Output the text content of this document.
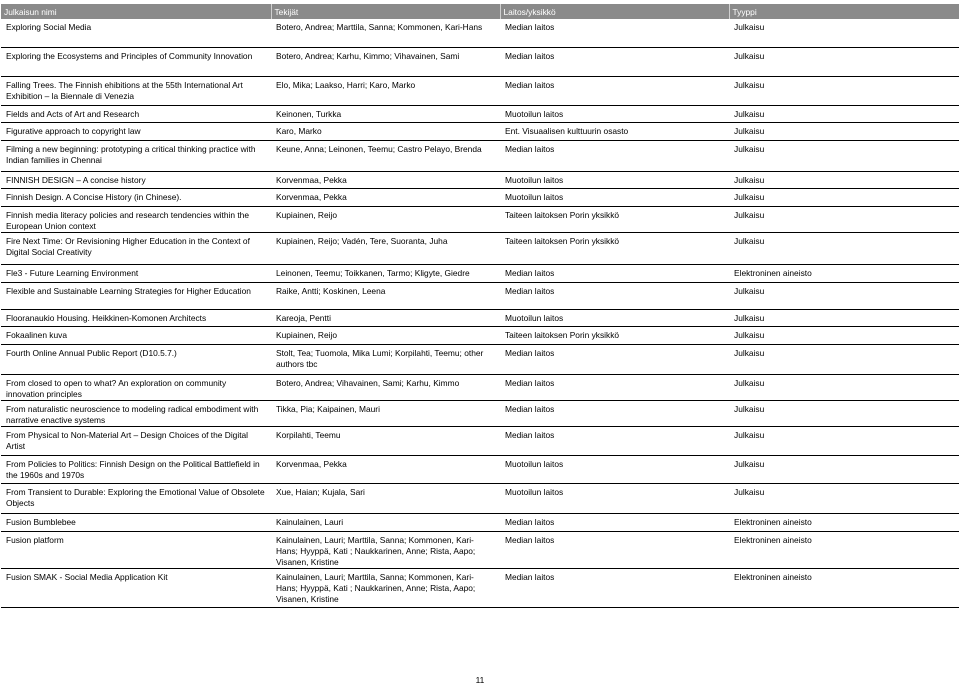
Julkaisun nimi	Tekijät	Laitos/yksikkö	Tyyppi
Exploring Social Media	Botero, Andrea; Marttila, Sanna; Kommonen, Kari-Hans	Median laitos	Julkaisu
Exploring the Ecosystems and Principles of Community Innovation	Botero, Andrea; Karhu, Kimmo; Vihavainen, Sami	Median laitos	Julkaisu
Falling Trees. The Finnish ehibitions at the 55th International Art Exhibition – la Biennale di Venezia	Elo, Mika; Laakso, Harri; Karo, Marko	Median laitos	Julkaisu
Fields and Acts of Art and Research	Keinonen, Turkka	Muotoilun laitos	Julkaisu
Figurative approach to copyright law	Karo, Marko	Ent. Visuaalisen kulttuurin osasto	Julkaisu
Filming a new beginning: prototyping a critical thinking practice with Indian families in Chennai	Keune, Anna; Leinonen, Teemu; Castro Pelayo, Brenda	Median laitos	Julkaisu
FINNISH DESIGN – A concise history	Korvenmaa, Pekka	Muotoilun laitos	Julkaisu
Finnish Design. A Concise History (in Chinese).	Korvenmaa, Pekka	Muotoilun laitos	Julkaisu
Finnish media literacy policies and research tendencies within the European Union context	Kupiainen, Reijo	Taiteen laitoksen Porin yksikkö	Julkaisu
Fire Next Time: Or Revisioning Higher Education in the Context of Digital Social Creativity	Kupiainen, Reijo; Vadén, Tere, Suoranta, Juha	Taiteen laitoksen Porin yksikkö	Julkaisu
Fle3 - Future Learning Environment	Leinonen, Teemu; Toikkanen, Tarmo; Kligyte, Giedre	Median laitos	Elektroninen aineisto
Flexible and Sustainable Learning Strategies for Higher Education	Raike, Antti; Koskinen, Leena	Median laitos	Julkaisu
Flooranaukio Housing. Heikkinen-Komonen Architects	Kareoja, Pentti	Muotoilun laitos	Julkaisu
Fokaalinen kuva	Kupiainen, Reijo	Taiteen laitoksen Porin yksikkö	Julkaisu
Fourth Online Annual Public Report (D10.5.7.)	Stolt, Tea; Tuomola, Mika Lumi; Korpilahti, Teemu; other authors tbc	Median laitos	Julkaisu
From closed to open to what? An exploration on community innovation principles	Botero, Andrea; Vihavainen, Sami; Karhu, Kimmo	Median laitos	Julkaisu
From naturalistic neuroscience to modeling radical embodiment with narrative enactive systems	Tikka, Pia; Kaipainen, Mauri	Median laitos	Julkaisu
From Physical to Non-Material Art – Design Choices of the Digital Artist	Korpilahti, Teemu	Median laitos	Julkaisu
From Policies to Politics: Finnish Design on the Political Battlefield in the 1960s and 1970s	Korvenmaa, Pekka	Muotoilun laitos	Julkaisu
From Transient to Durable: Exploring the Emotional Value of Obsolete Objects	Xue, Haian; Kujala, Sari	Muotoilun laitos	Julkaisu
Fusion Bumblebee	Kainulainen, Lauri	Median laitos	Elektroninen aineisto
Fusion platform	Kainulainen, Lauri; Marttila, Sanna; Kommonen, Kari-Hans; Hyyppä, Kati ; Naukkarinen, Anne; Rista, Aapo; Visanen, Kristine	Median laitos	Elektroninen aineisto
Fusion SMAK - Social Media Application Kit	Kainulainen, Lauri; Marttila, Sanna; Kommonen, Kari-Hans; Hyyppä, Kati ; Naukkarinen, Anne; Rista, Aapo; Visanen, Kristine	Median laitos	Elektroninen aineisto
11
